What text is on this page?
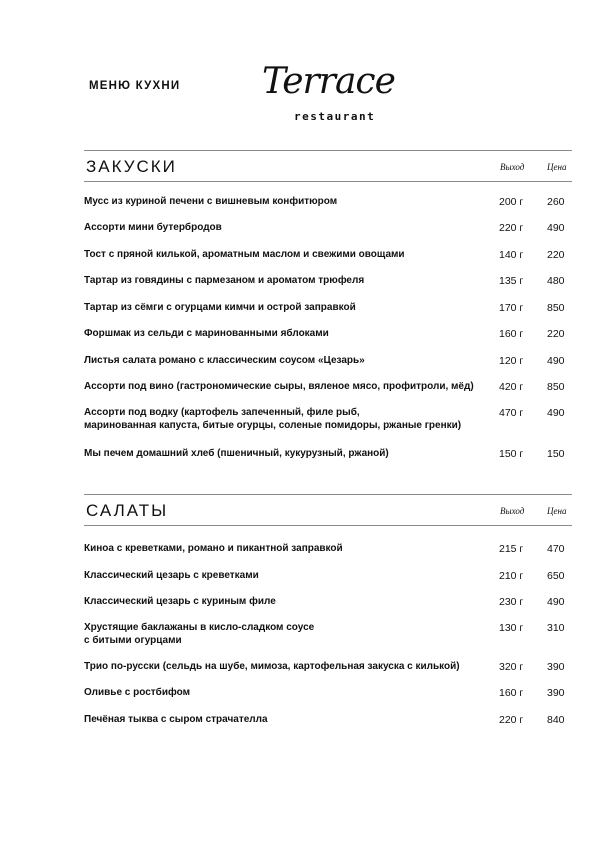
МЕНЮ КУХНИ Terrace
restaurant
ЗАКУСКИ	Выход	Цена
Мусс из куриной печени с вишневым конфитюром	200 г	260
Ассорти мини бутербродов	220 г	490
Тост с пряной килькой, ароматным маслом и свежими овощами	140 г	220
Тартар из говядины с пармезаном и ароматом трюфеля	135 г	480
Тартар из сёмги с огурцами кимчи и острой заправкой	170 г	850
Форшмак из сельди с маринованными яблоками	160 г	220
Листья салата романо с классическим соусом «Цезарь»	120 г	490
Ассорти под вино (гастрономические сыры, вяленое мясо, профитроли, мёд)	420 г	850
Ассорти под водку (картофель запеченный, филе рыб,
маринованная капуста, битые огурцы, соленые помидоры, ржаные гренки)
470 г	490
Мы печем домашний хлеб (пшеничный, кукурузный, ржаной)	150 г	150
САЛАТЫ	Выход	Цена
Киноа с креветками, романо и пикантной заправкой	215 г	470
Классический цезарь с креветками	210 г	650
Классический цезарь с куриным филе	230 г	490
Хрустящие баклажаны в кисло-сладком соусе
с битыми огурцами
130 г	310
Трио по-русски (сельдь на шубе, мимоза, картофельная закуска с килькой)	320 г	390
Оливье с ростбифом	160 г	390
Печёная тыква с сыром страчателла	220 г	840
